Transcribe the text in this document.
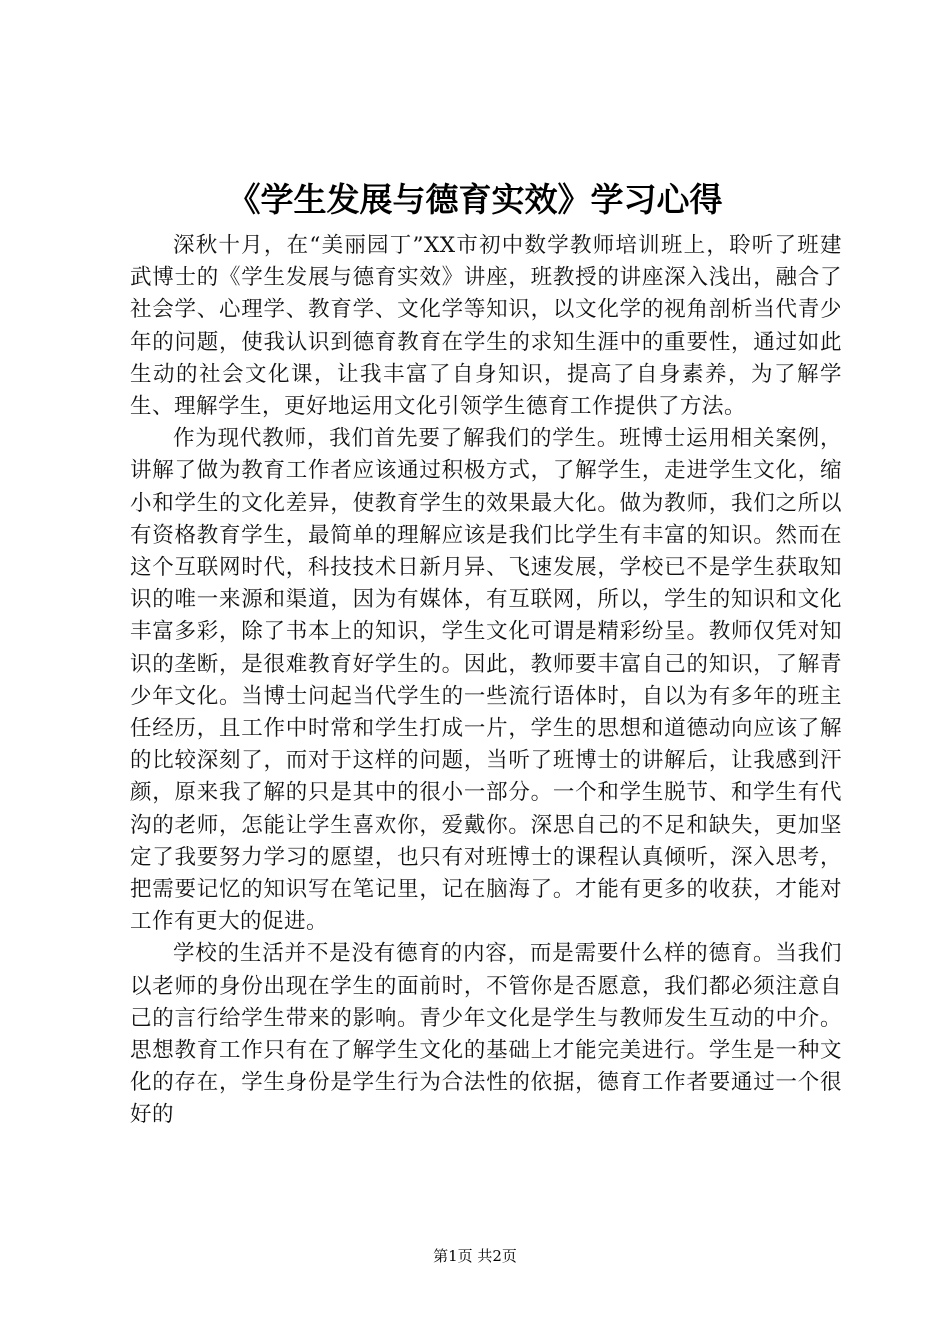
《学生发展与德育实效》学习心得

深秋十月，在“美丽园丁”XX市初中数学教师培训班上，聆听了班建武博士的《学生发展与德育实效》讲座，班教授的讲座深入浅出，融合了社会学、心理学、教育学、文化学等知识，以文化学的视角剖析当代青少年的问题，使我认识到德育教育在学生的求知生涯中的重要性，通过如此生动的社会文化课，让我丰富了自身知识，提高了自身素养，为了解学生、理解学生，更好地运用文化引领学生德育工作提供了方法。

作为现代教师，我们首先要了解我们的学生。班博士运用相关案例，讲解了做为教育工作者应该通过积极方式，了解学生，走进学生文化，缩小和学生的文化差异，使教育学生的效果最大化。做为教师，我们之所以有资格教育学生，最简单的理解应该是我们比学生有丰富的知识。然而在这个互联网时代，科技技术日新月异、飞速发展，学校已不是学生获取知识的唯一来源和渠道，因为有媒体，有互联网，所以，学生的知识和文化丰富多彩，除了书本上的知识，学生文化可谓是精彩纷呈。教师仅凭对知识的垄断，是很难教育好学生的。因此，教师要丰富自己的知识，了解青少年文化。当博士问起当代学生的一些流行语体时，自以为有多年的班主任经历，且工作中时常和学生打成一片，学生的思想和道德动向应该了解的比较深刻了，而对于这样的问题，当听了班博士的讲解后，让我感到汗颜，原来我了解的只是其中的很小一部分。一个和学生脱节、和学生有代沟的老师，怎能让学生喜欢你，爱戴你。深思自己的不足和缺失，更加坚定了我要努力学习的愿望，也只有对班博士的课程认真倾听，深入思考，把需要记忆的知识写在笔记里，记在脑海了。才能有更多的收获，才能对工作有更大的促进。

学校的生活并不是没有德育的内容，而是需要什么样的德育。当我们以老师的身份出现在学生的面前时，不管你是否愿意，我们都必须注意自己的言行给学生带来的影响。青少年文化是学生与教师发生互动的中介。思想教育工作只有在了解学生文化的基础上才能完美进行。学生是一种文化的存在，学生身份是学生行为合法性的依据，德育工作者要通过一个很好的

第1页 共2页
